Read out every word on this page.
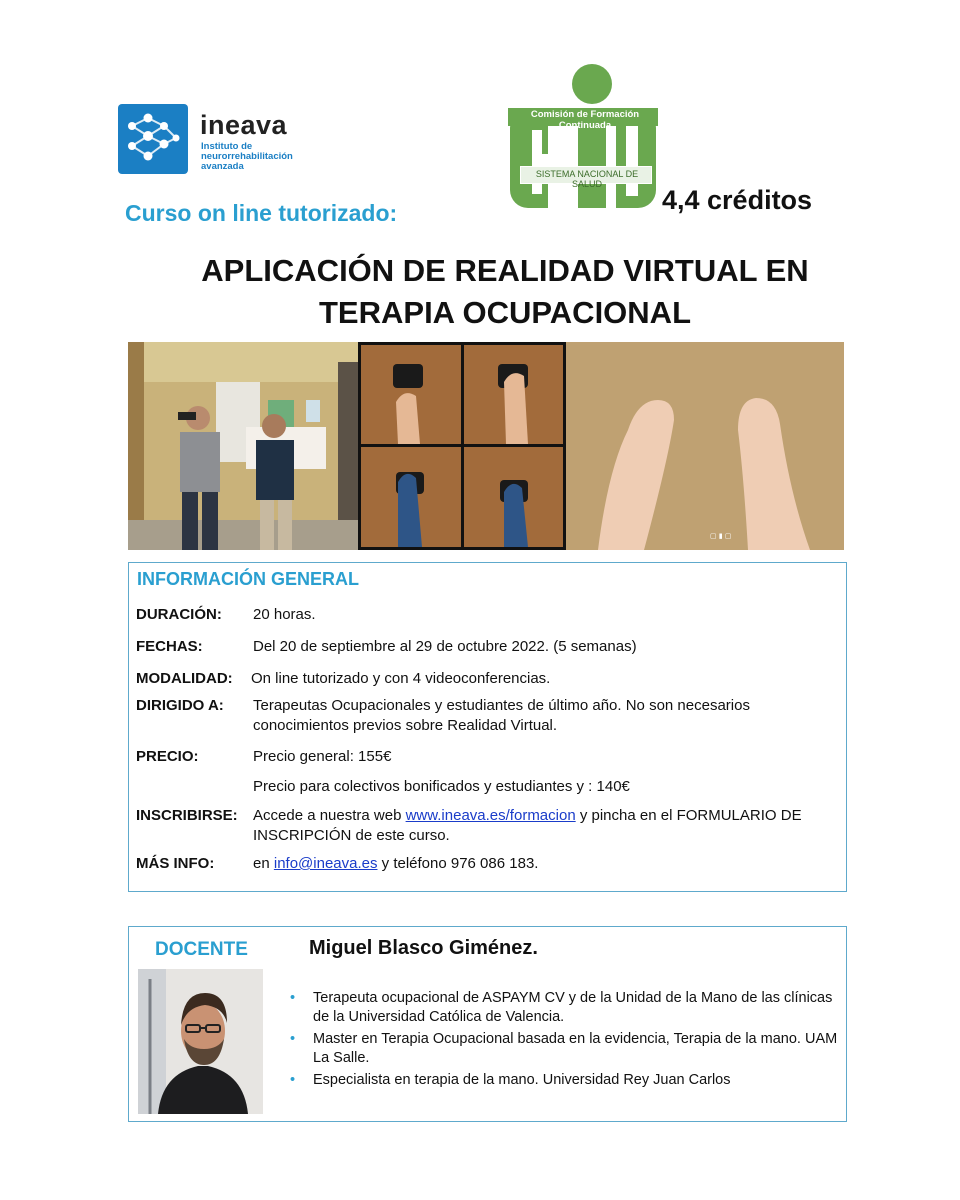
ineava
Instituto de neurorrehabilitación avanzada
Comisión de Formación Continuada
SISTEMA NACIONAL DE SALUD
4,4 créditos
Curso on line tutorizado:
APLICACIÓN DE REALIDAD VIRTUAL EN
TERAPIA OCUPACIONAL
▢ ▮ ▢
INFORMACIÓN GENERAL
DURACIÓN: 20 horas.
FECHAS:	Del 20 de septiembre al 29 de octubre 2022. (5 semanas)
MODALIDAD: On line tutorizado y con 4 videoconferencias.
DIRIGIDO A: Terapeutas Ocupacionales y estudiantes de último año. No son necesarios conocimientos previos sobre Realidad Virtual.
PRECIO:	Precio general: 155€
Precio para colectivos bonificados y estudiantes y : 140€
INSCRIBIRSE: Accede a nuestra web www.ineava.es/formacion y pincha en el FORMULARIO DE INSCRIPCIÓN de este curso.
MÁS INFO:	en info@ineava.es y teléfono 976 086 183.
DOCENTE	Miguel Blasco Giménez.
• Terapeuta ocupacional de ASPAYM CV y de la Unidad de la Mano de las clínicas de la Universidad Católica de Valencia.
• Master en Terapia Ocupacional basada en la evidencia, Terapia de la mano. UAM La Salle.
• Especialista en terapia de la mano. Universidad Rey Juan Carlos
